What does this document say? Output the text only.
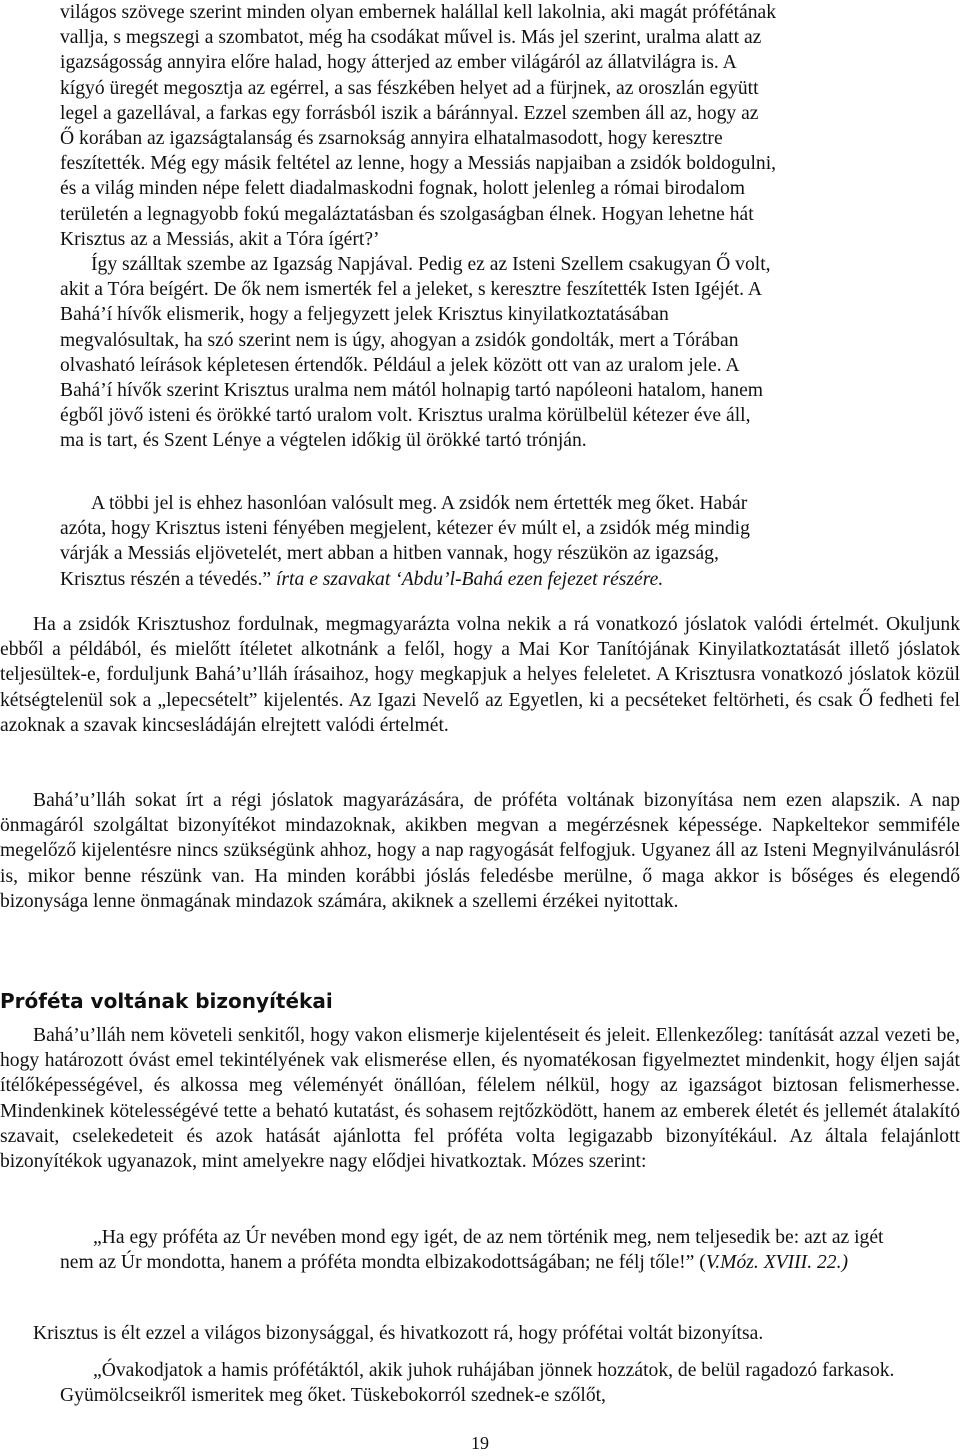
világos szövege szerint minden olyan embernek halállal kell lakolnia, aki magát prófétának
vallja, s megszegi a szombatot, még ha csodákat művel is. Más jel szerint, uralma alatt az
igazságosság annyira előre halad, hogy átterjed az ember világáról az állatvilágra is. A
kígyó üregét megosztja az egérrel, a sas fészkében helyet ad a fürjnek, az oroszlán együtt
legel a gazellával, a farkas egy forrásból iszik a báránnyal. Ezzel szemben áll az, hogy az
Ő korában az igazságtalanság és zsarnokság annyira elhatalmasodott, hogy keresztre
feszítették. Még egy másik feltétel az lenne, hogy a Messiás napjaiban a zsidók boldogulni,
és a világ minden népe felett diadalmaskodni fognak, holott jelenleg a római birodalom
területén a legnagyobb fokú megaláztatásban és szolgaságban élnek. Hogyan lehetne hát
Krisztus az a Messiás, akit a Tóra ígért?’
Így szálltak szembe az Igazság Napjával. Pedig ez az Isteni Szellem csakugyan Ő volt,
akit a Tóra beígért. De ők nem ismerték fel a jeleket, s keresztre feszítették Isten Igéjét. A
Bahá’í hívők elismerik, hogy a feljegyzett jelek Krisztus kinyilatkoztatásában
megvalósultak, ha szó szerint nem is úgy, ahogyan a zsidók gondolták, mert a Tórában
olvasható leírások képletesen értendők. Például a jelek között ott van az uralom jele. A
Bahá’í hívők szerint Krisztus uralma nem mától holnapig tartó napóleoni hatalom, hanem
égből jövő isteni és örökké tartó uralom volt. Krisztus uralma körülbelül kétezer éve áll,
ma is tart, és Szent Lénye a végtelen időkig ül örökké tartó trónján.
A többi jel is ehhez hasonlóan valósult meg. A zsidók nem értették meg őket. Habár
azóta, hogy Krisztus isteni fényében megjelent, kétezer év múlt el, a zsidók még mindig
várják a Messiás eljövetelét, mert abban a hitben vannak, hogy részükön az igazság,
Krisztus részén a tévedés.” írta e szavakat ‘Abdu’l-Bahá ezen fejezet részére.

Ha a zsidók Krisztushoz fordulnak, megmagyarázta volna nekik a rá vonatkozó jóslatok valódi értelmét. Okuljunk ebből a példából, és mielőtt ítéletet alkotnánk a felől, hogy a Mai Kor Tanítójának Kinyilatkoztatását illető jóslatok teljesültek-e, forduljunk Bahá’u’lláh írásaihoz, hogy megkapjuk a helyes feleletet. A Krisztusra vonatkozó jóslatok közül kétségtelenül sok a „lepecsételt” kijelentés. Az Igazi Nevelő az Egyetlen, ki a pecséteket feltörheti, és csak Ő fedheti fel azoknak a szavak kincsesládáján elrejtett valódi értelmét.

Bahá’u’lláh sokat írt a régi jóslatok magyarázására, de próféta voltának bizonyítása nem ezen alapszik. A nap önmagáról szolgáltat bizonyítékot mindazoknak, akikben megvan a megérzésnek képessége. Napkeltekor semmiféle megelőző kijelentésre nincs szükségünk ahhoz, hogy a nap ragyogását felfogjuk. Ugyanez áll az Isteni Megnyilvánulásról is, mikor benne részünk van. Ha minden korábbi jóslás feledésbe merülne, ő maga akkor is bőséges és elegendő bizonysága lenne önmagának mindazok számára, akiknek a szellemi érzékei nyitottak.

Próféta voltának bizonyítékai

Bahá’u’lláh nem követeli senkitől, hogy vakon elismerje kijelentéseit és jeleit. Ellenkezőleg: tanítását azzal vezeti be, hogy határozott óvást emel tekintélyének vak elismerése ellen, és nyomatékosan figyelmeztet mindenkit, hogy éljen saját ítélőképességével, és alkossa meg véleményét önállóan, félelem nélkül, hogy az igazságot biztosan felismerhesse. Mindenkinek kötelességévé tette a beható kutatást, és sohasem rejtőzködött, hanem az emberek életét és jellemét átalakító szavait, cselekedeteit és azok hatását ajánlotta fel próféta volta legigazabb bizonyítékául. Az általa felajánlott bizonyítékok ugyanazok, mint amelyekre nagy elődjei hivatkoztak. Mózes szerint:

„Ha egy próféta az Úr nevében mond egy igét, de az nem történik meg, nem teljesedik be: azt az igét nem az Úr mondotta, hanem a próféta mondta elbizakodottságában; ne félj tőle!” (V.Móz. XVIII. 22.)

Krisztus is élt ezzel a világos bizonysággal, és hivatkozott rá, hogy prófétai voltát bizonyítsa.

„Óvakodjatok a hamis prófétáktól, akik juhok ruhájában jönnek hozzátok, de belül ragadozó farkasok. Gyümölcseikről ismeritek meg őket. Tüskebokorról szednek-e szőlőt,

19
